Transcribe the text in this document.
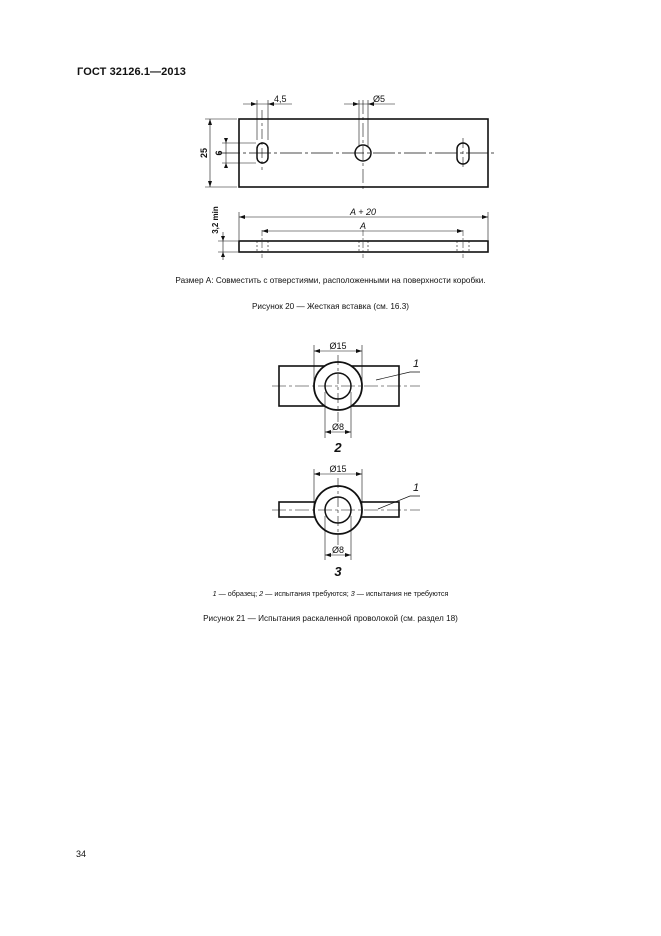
ГОСТ 32126.1—2013
4,5	Ø5
25 6
3,2 min	A + 20
A
Размер А: Совместить с отверстиями, расположенными на поверхности коробки.
Рисунок 20 — Жесткая вставка (см. 16.3)
Ø15
Ø8
1
2
Ø15
Ø8
1
3
1 — образец; 2 — испытания требуются; 3 — испытания не требуются
Рисунок 21 — Испытания раскаленной проволокой (см. раздел 18)
34
